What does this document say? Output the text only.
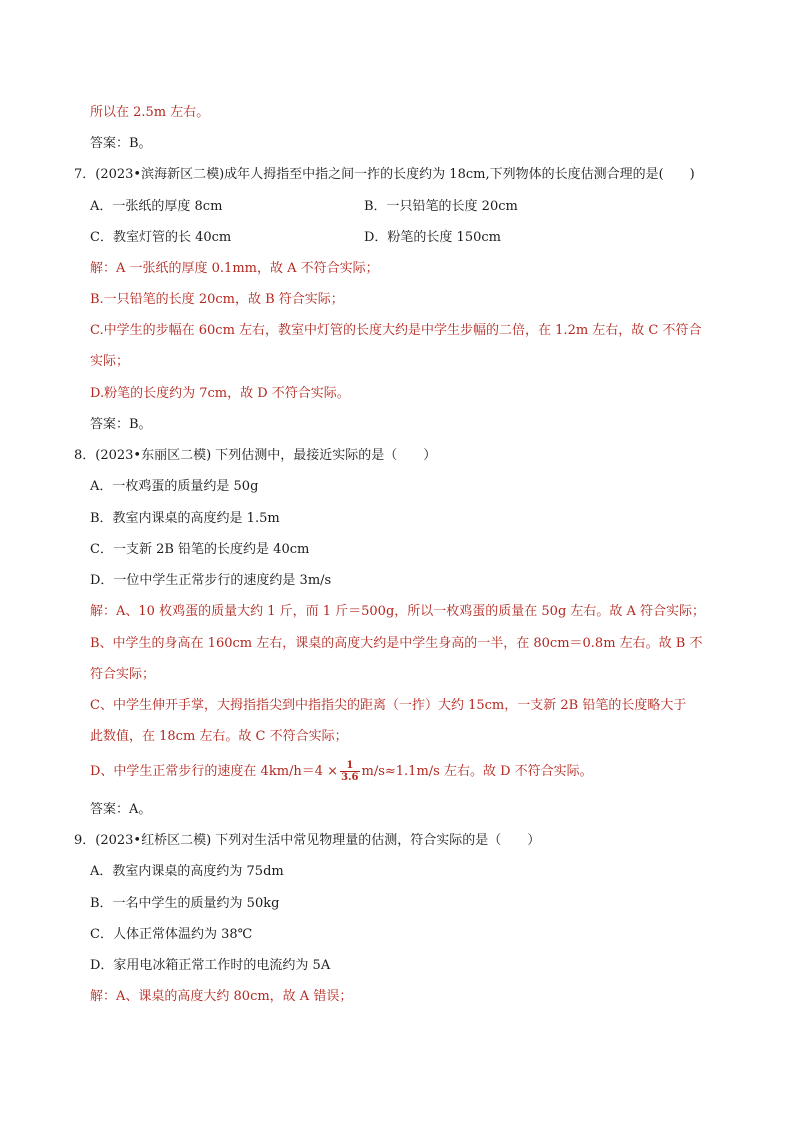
所以在 2.5m 左右。
答案：B。
7．(2023•滨海新区二模)成年人拇指至中指之间一拃的长度约为 18cm,下列物体的长度估测合理的是(　　)
A．一张纸的厚度 8cm	B．一只铅笔的长度 20cm
C．教室灯管的长 40cm	D．粉笔的长度 150cm
解：A 一张纸的厚度 0.1mm，故 A 不符合实际；
B.一只铅笔的长度 20cm，故 B 符合实际；
C.中学生的步幅在 60cm 左右，教室中灯管的长度大约是中学生步幅的二倍，在 1.2m 左右，故 C 不符合
实际；
D.粉笔的长度约为 7cm，故 D 不符合实际。
答案：B。
8．(2023•东丽区二模) 下列估测中，最接近实际的是（　　）
A．一枚鸡蛋的质量约是 50g
B．教室内课桌的高度约是 1.5m
C．一支新 2B 铅笔的长度约是 40cm
D．一位中学生正常步行的速度约是 3m/s
解：A、10 枚鸡蛋的质量大约 1 斤，而 1 斤＝500g，所以一枚鸡蛋的质量在 50g 左右。故 A 符合实际；
B、中学生的身高在 160cm 左右，课桌的高度大约是中学生身高的一半，在 80cm＝0.8m 左右。故 B 不
符合实际；
C、中学生伸开手掌，大拇指指尖到中指指尖的距离（一拃）大约 15cm，一支新 2B 铅笔的长度略大于
此数值，在 18cm 左右。故 C 不符合实际；
D、中学生正常步行的速度在 $4km/h=4 \times \frac{1}{3.6} m/s\approx 1.1m/s$ 左右。故 D 不符合实际。
答案：A。
9．(2023•红桥区二模) 下列对生活中常见物理量的估测，符合实际的是（　　）
A．教室内课桌的高度约为 75dm
B．一名中学生的质量约为 50kg
C．人体正常体温约为 38℃
D．家用电冰箱正常工作时的电流约为 5A
解：A、课桌的高度大约 80cm，故 A 错误；
